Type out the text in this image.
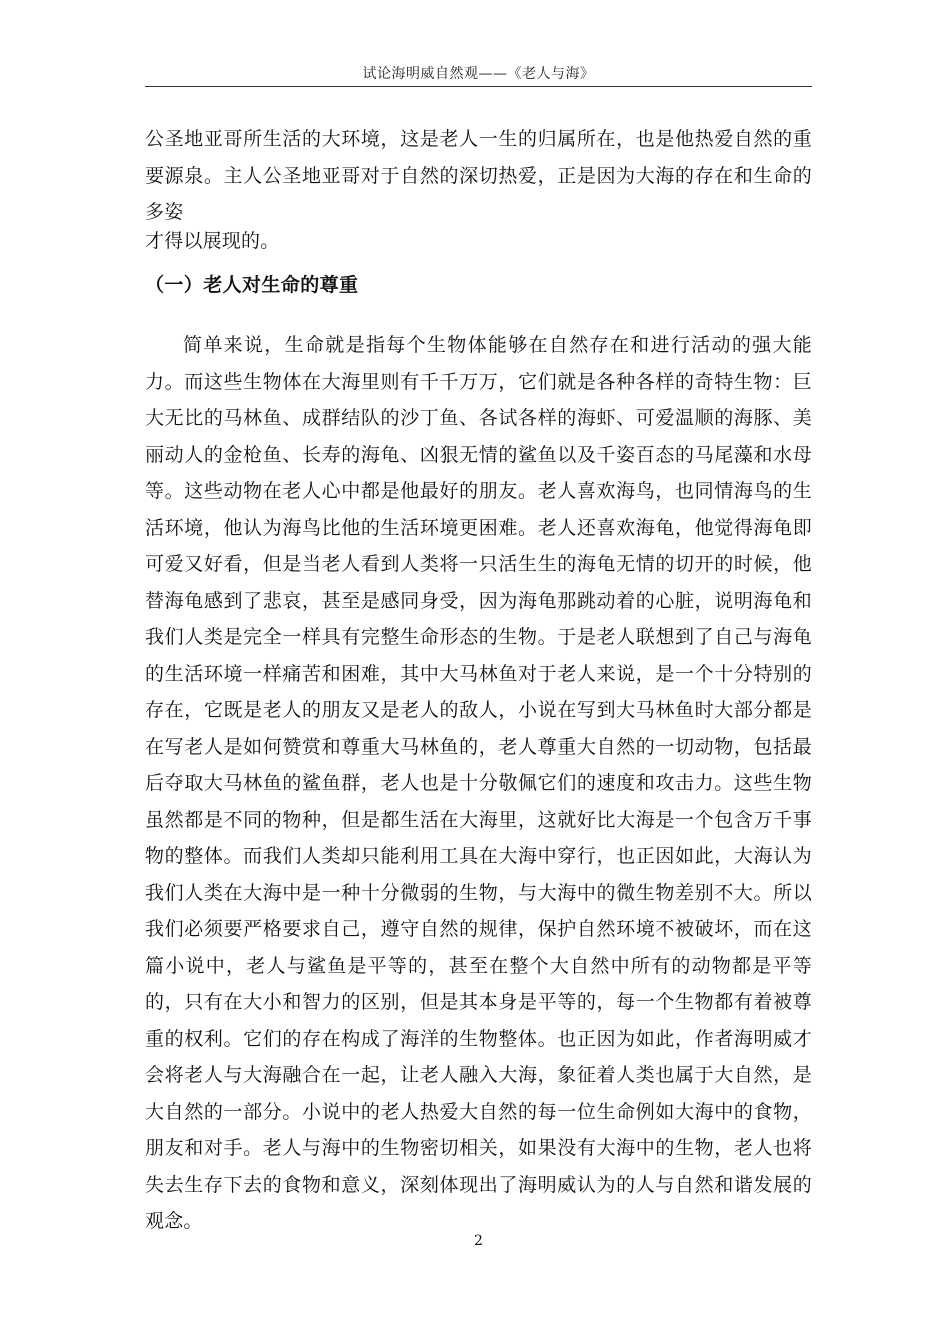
试论海明威自然观——《老人与海》

公圣地亚哥所生活的大环境，这是老人一生的归属所在，也是他热爱自然的重要源泉。主人公圣地亚哥对于自然的深切热爱，正是因为大海的存在和生命的多姿

才得以展现的。

（一）老人对生命的尊重

简单来说，生命就是指每个生物体能够在自然存在和进行活动的强大能力。而这些生物体在大海里则有千千万万，它们就是各种各样的奇特生物：巨大无比的马林鱼、成群结队的沙丁鱼、各试各样的海虾、可爱温顺的海豚、美丽动人的金枪鱼、长寿的海龟、凶狠无情的鲨鱼以及千姿百态的马尾藻和水母等。这些动物在老人心中都是他最好的朋友。老人喜欢海鸟，也同情海鸟的生活环境，他认为海鸟比他的生活环境更困难。老人还喜欢海龟，他觉得海龟即可爱又好看，但是当老人看到人类将一只活生生的海龟无情的切开的时候，他替海龟感到了悲哀，甚至是感同身受，因为海龟那跳动着的心脏，说明海龟和我们人类是完全一样具有完整生命形态的生物。于是老人联想到了自己与海龟的生活环境一样痛苦和困难，其中大马林鱼对于老人来说，是一个十分特别的存在，它既是老人的朋友又是老人的敌人，小说在写到大马林鱼时大部分都是在写老人是如何赞赏和尊重大马林鱼的，老人尊重大自然的一切动物，包括最后夺取大马林鱼的鲨鱼群，老人也是十分敬佩它们的速度和攻击力。这些生物虽然都是不同的物种，但是都生活在大海里，这就好比大海是一个包含万千事物的整体。而我们人类却只能利用工具在大海中穿行，也正因如此，大海认为我们人类在大海中是一种十分微弱的生物，与大海中的微生物差别不大。所以我们必须要严格要求自己，遵守自然的规律，保护自然环境不被破坏，而在这篇小说中，老人与鲨鱼是平等的，甚至在整个大自然中所有的动物都是平等的，只有在大小和智力的区别，但是其本身是平等的，每一个生物都有着被尊重的权利。它们的存在构成了海洋的生物整体。也正因为如此，作者海明威才会将老人与大海融合在一起，让老人融入大海，象征着人类也属于大自然，是大自然的一部分。小说中的老人热爱大自然的每一位生命例如大海中的食物，朋友和对手。老人与海中的生物密切相关，如果没有大海中的生物，老人也将失去生存下去的食物和意义，深刻体现出了海明威认为的人与自然和谐发展的观念。

2
